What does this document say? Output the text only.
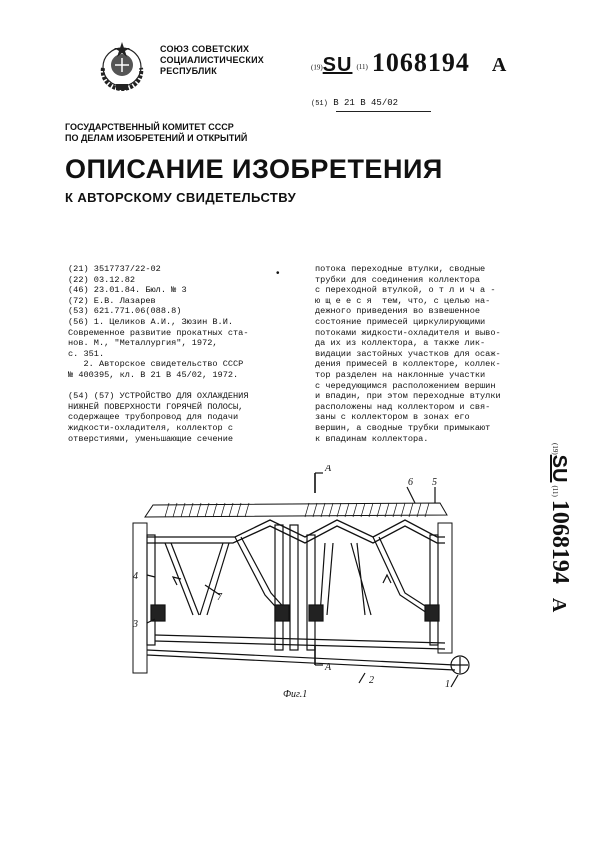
СОЮЗ СОВЕТСКИХ
СОЦИАЛИСТИЧЕСКИХ
РЕСПУБЛИК	(19)SU (11) 1068194 A
(51) В 21 В 45/02
ГОСУДАРСТВЕННЫЙ КОМИТЕТ СССР
ПО ДЕЛАМ ИЗОБРЕТЕНИЙ И ОТКРЫТИЙ
ОПИСАНИЕ ИЗОБРЕТЕНИЯ
К АВТОРСКОМУ СВИДЕТЕЛЬСТВУ
•
(21) 3517737/22-02
(22) 03.12.82
(46) 23.01.84. Бюл. № 3
(72) Е.В. Лазарев
(53) 621.771.06(088.8)
(56) 1. Целиков А.И., Зюзин В.И.
Современное развитие прокатных ста-
нов. М., "Металлургия", 1972,
с. 351.
2. Авторское свидетельство СССР
№ 400395, кл. В 21 В 45/02, 1972.
(54) (57) УСТРОЙСТВО ДЛЯ ОХЛАЖДЕНИЯ
НИЖНЕЙ ПОВЕРХНОСТИ ГОРЯЧЕЙ ПОЛОСЫ,
содержащее трубопровод для подачи
жидкости-охладителя, коллектор с
отверстиями, уменьшающие сечение
потока переходные втулки, сводные
трубки для соединения коллектора
с переходной втулкой, о т л и ч а -
ю щ е е с я  тем, что, с целью на-
дежного приведения во взвешенное
состояние примесей циркулирующими
потоками жидкости-охладителя и выво-
да их из коллектора, а также лик-
видации застойных участков для осаж-
дения примесей в коллекторе, коллек-
тор разделен на наклонные участки
с чередующимся расположением вершин
и впадин, при этом переходные втулки
расположены над коллектором и свя-
заны с коллектором в зонах его
вершин, а сводные трубки примыкают
к впадинам коллектора.
(19)SU(11)1068194A
A
A
6 5
4
3
7
2	1
Фиг.1
